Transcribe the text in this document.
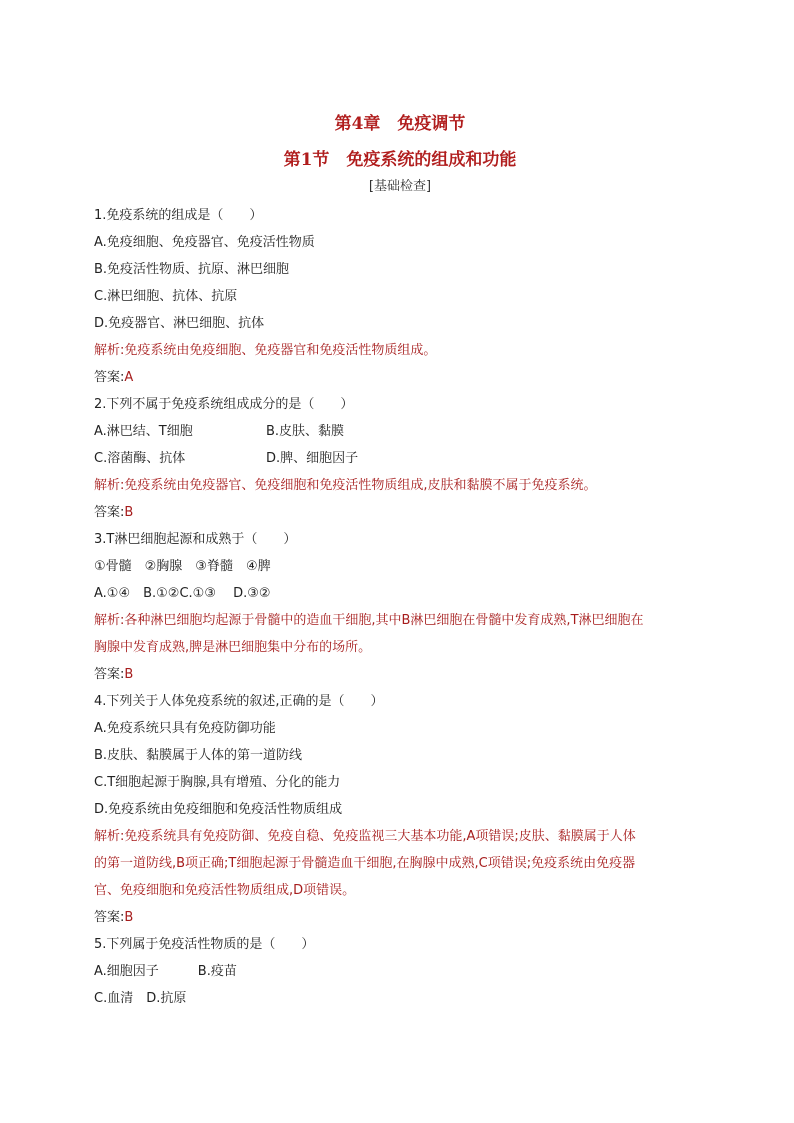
第4章　免疫调节
第1节　免疫系统的组成和功能
[基础检查]

1.免疫系统的组成是（　　）

A.免疫细胞、免疫器官、免疫活性物质

B.免疫活性物质、抗原、淋巴细胞

C.淋巴细胞、抗体、抗原

D.免疫器官、淋巴细胞、抗体

解析:免疫系统由免疫细胞、免疫器官和免疫活性物质组成。

答案:A

2.下列不属于免疫系统组成成分的是（　　）

A.淋巴结、T细胞	B.皮肤、黏膜
C.溶菌酶、抗体	D.脾、细胞因子

解析:免疫系统由免疫器官、免疫细胞和免疫活性物质组成,皮肤和黏膜不属于免疫系统。

答案:B

3.T淋巴细胞起源和成熟于（　　）

①骨髓　②胸腺　③脊髓　④脾

A.①④　B.①②C.①③　 D.③②

解析:各种淋巴细胞均起源于骨髓中的造血干细胞,其中B淋巴细胞在骨髓中发育成熟,T淋巴细胞在

胸腺中发育成熟,脾是淋巴细胞集中分布的场所。

答案:B

4.下列关于人体免疫系统的叙述,正确的是（　　）

A.免疫系统只具有免疫防御功能

B.皮肤、黏膜属于人体的第一道防线

C.T细胞起源于胸腺,具有增殖、分化的能力

D.免疫系统由免疫细胞和免疫活性物质组成

解析:免疫系统具有免疫防御、免疫自稳、免疫监视三大基本功能,A项错误;皮肤、黏膜属于人体

的第一道防线,B项正确;T细胞起源于骨髓造血干细胞,在胸腺中成熟,C项错误;免疫系统由免疫器

官、免疫细胞和免疫活性物质组成,D项错误。

答案:B

5.下列属于免疫活性物质的是（　　）

A.细胞因子　　　B.疫苗

C.血清　D.抗原
